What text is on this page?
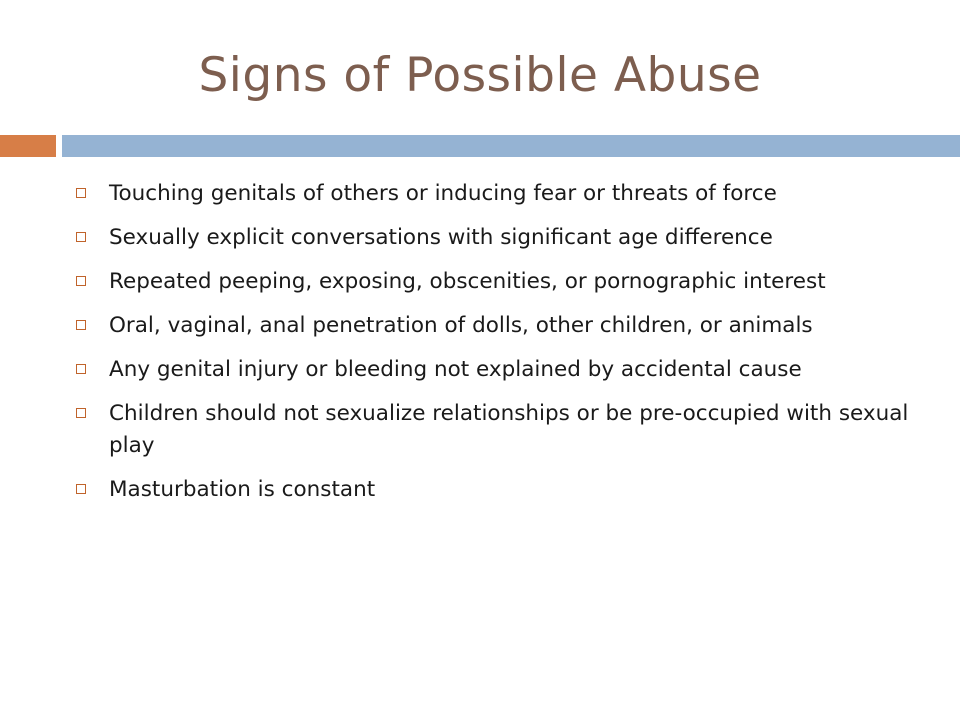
Signs of Possible Abuse
Touching genitals of others or inducing fear or threats of force
Sexually explicit conversations with significant age difference
Repeated peeping, exposing, obscenities, or pornographic interest
Oral, vaginal, anal penetration of dolls, other children, or animals
Any genital injury or bleeding not explained by accidental cause
Children should not sexualize relationships or be pre-occupied with sexual play
Masturbation is constant
